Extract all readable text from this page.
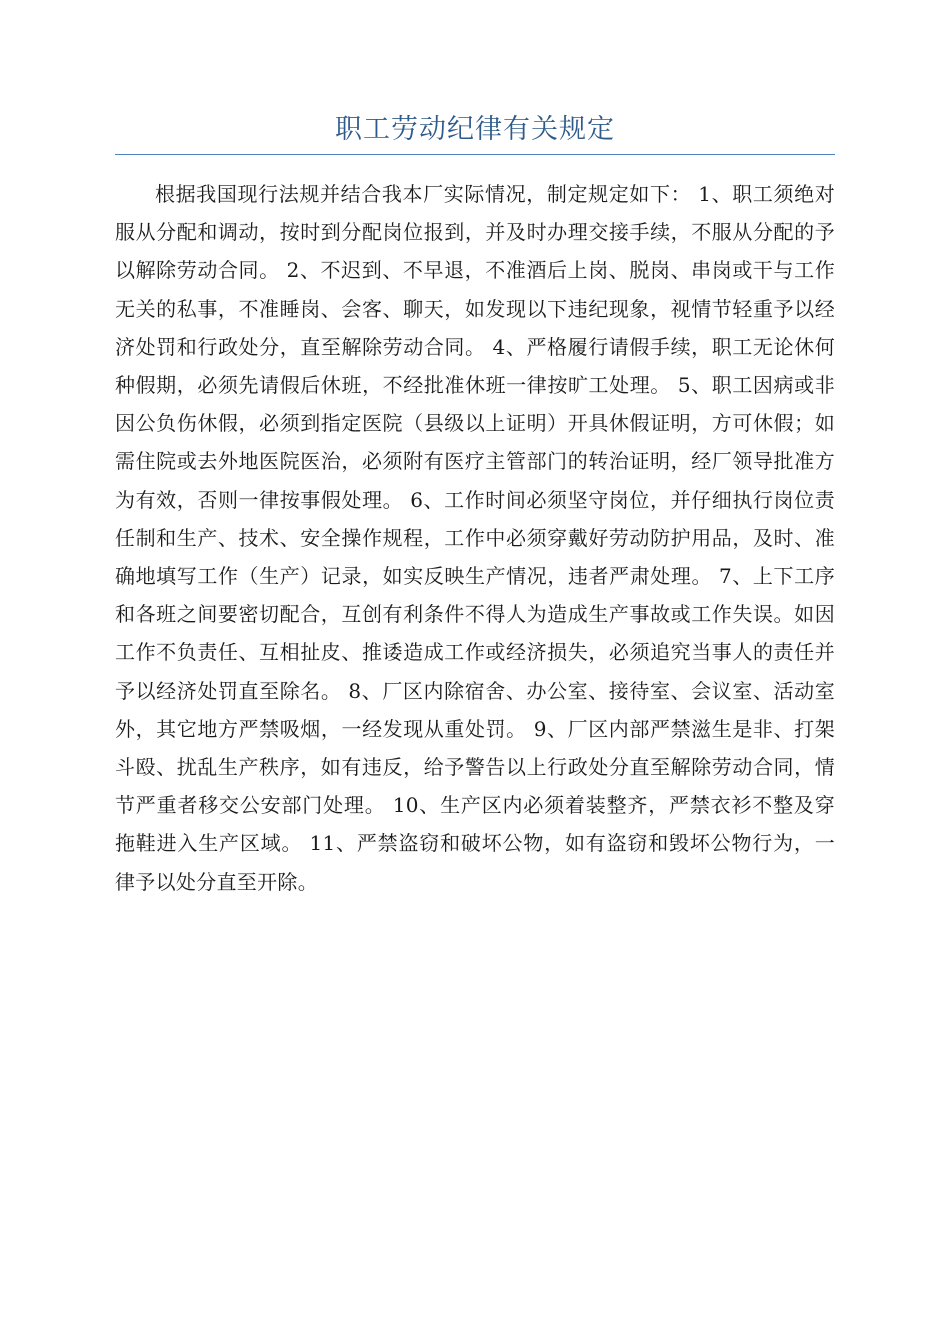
职工劳动纪律有关规定

根据我国现行法规并结合我本厂实际情况，制定规定如下： 1、职工须绝对服从分配和调动，按时到分配岗位报到，并及时办理交接手续，不服从分配的予以解除劳动合同。 2、不迟到、不早退，不准酒后上岗、脱岗、串岗或干与工作无关的私事，不准睡岗、会客、聊天，如发现以下违纪现象，视情节轻重予以经济处罚和行政处分，直至解除劳动合同。 4、严格履行请假手续，职工无论休何种假期，必须先请假后休班，不经批准休班一律按旷工处理。 5、职工因病或非因公负伤休假，必须到指定医院（县级以上证明）开具休假证明，方可休假；如需住院或去外地医院医治，必须附有医疗主管部门的转治证明，经厂领导批准方为有效，否则一律按事假处理。 6、工作时间必须坚守岗位，并仔细执行岗位责任制和生产、技术、安全操作规程，工作中必须穿戴好劳动防护用品，及时、准确地填写工作（生产）记录，如实反映生产情况，违者严肃处理。 7、上下工序和各班之间要密切配合，互创有利条件不得人为造成生产事故或工作失误。如因工作不负责任、互相扯皮、推诿造成工作或经济损失，必须追究当事人的责任并予以经济处罚直至除名。 8、厂区内除宿舍、办公室、接待室、会议室、活动室外，其它地方严禁吸烟，一经发现从重处罚。 9、厂区内部严禁滋生是非、打架斗殴、扰乱生产秩序，如有违反，给予警告以上行政处分直至解除劳动合同，情节严重者移交公安部门处理。 10、生产区内必须着装整齐，严禁衣衫不整及穿拖鞋进入生产区域。 11、严禁盗窃和破坏公物，如有盗窃和毁坏公物行为，一律予以处分直至开除。
